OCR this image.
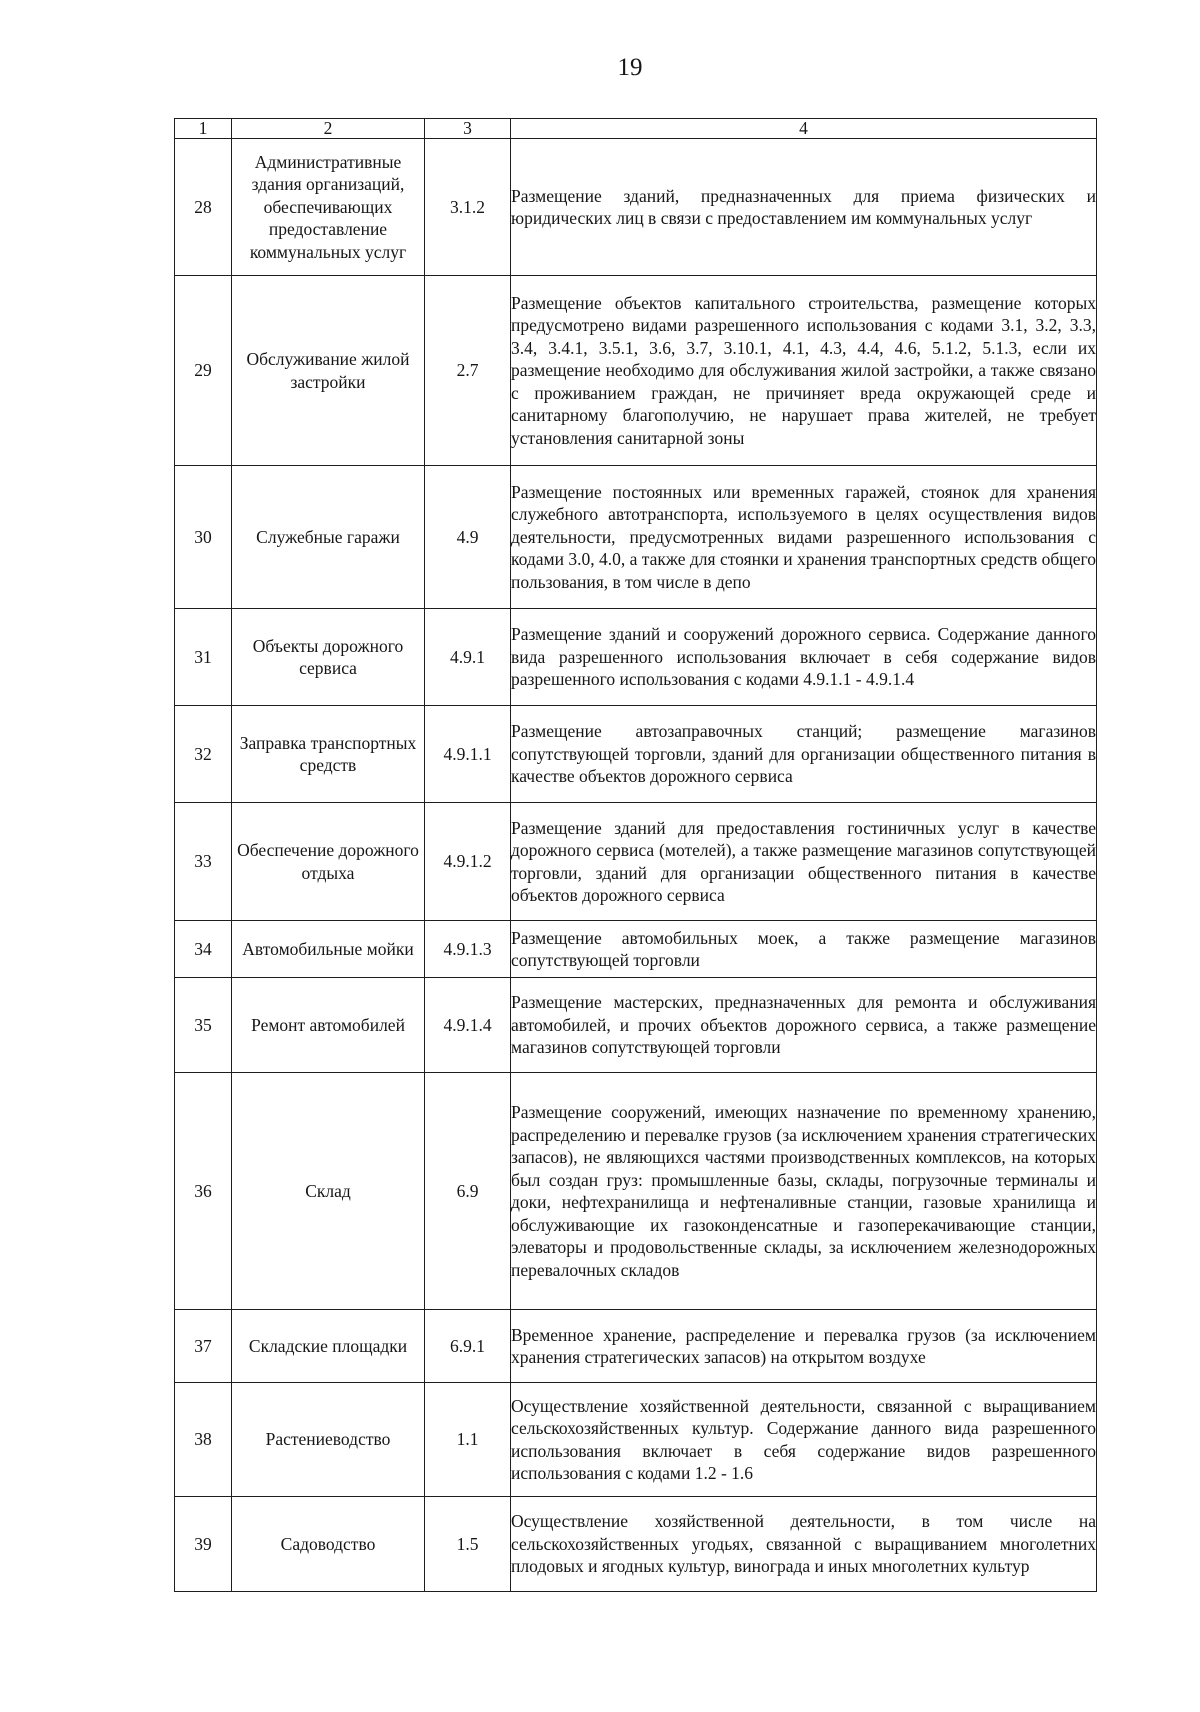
19
1	2	3	4
28	Административные здания организаций, обеспечивающих предоставление коммунальных услуг	3.1.2	Размещение зданий, предназначенных для приема физических и юридических лиц в связи с предоставлением им коммунальных услуг
29	Обслуживание жилой застройки	2.7	Размещение объектов капитального строительства, размещение которых предусмотрено видами разрешенного использования с кодами 3.1, 3.2, 3.3, 3.4, 3.4.1, 3.5.1, 3.6, 3.7, 3.10.1, 4.1, 4.3, 4.4, 4.6, 5.1.2, 5.1.3, если их размещение необходимо для обслуживания жилой застройки, а также связано с проживанием граждан, не причиняет вреда окружающей среде и санитарному благополучию, не нарушает права жителей, не требует установления санитарной зоны
30	Служебные гаражи	4.9	Размещение постоянных или временных гаражей, стоянок для хранения служебного автотранспорта, используемого в целях осуществления видов деятельности, предусмотренных видами разрешенного использования с кодами 3.0, 4.0, а также для стоянки и хранения транспортных средств общего пользования, в том числе в депо
31	Объекты дорожного сервиса	4.9.1	Размещение зданий и сооружений дорожного сервиса. Содержание данного вида разрешенного использования включает в себя содержание видов разрешенного использования с кодами 4.9.1.1 - 4.9.1.4
32	Заправка транспортных средств	4.9.1.1	Размещение автозаправочных станций; размещение магазинов сопутствующей торговли, зданий для организации общественного питания в качестве объектов дорожного сервиса
33	Обеспечение дорожного отдыха	4.9.1.2	Размещение зданий для предоставления гостиничных услуг в качестве дорожного сервиса (мотелей), а также размещение магазинов сопутствующей торговли, зданий для организации общественного питания в качестве объектов дорожного сервиса
34	Автомобильные мойки	4.9.1.3	Размещение автомобильных моек, а также размещение магазинов сопутствующей торговли
35	Ремонт автомобилей	4.9.1.4	Размещение мастерских, предназначенных для ремонта и обслуживания автомобилей, и прочих объектов дорожного сервиса, а также размещение магазинов сопутствующей торговли
36	Склад	6.9	Размещение сооружений, имеющих назначение по временному хранению, распределению и перевалке грузов (за исключением хранения стратегических запасов), не являющихся частями производственных комплексов, на которых был создан груз: промышленные базы, склады, погрузочные терминалы и доки, нефтехранилища и нефтеналивные станции, газовые хранилища и обслуживающие их газоконденсатные и газоперекачивающие станции, элеваторы и продовольственные склады, за исключением железнодорожных перевалочных складов
37	Складские площадки	6.9.1	Временное хранение, распределение и перевалка грузов (за исключением хранения стратегических запасов) на открытом воздухе
38	Растениеводство	1.1	Осуществление хозяйственной деятельности, связанной с выращиванием сельскохозяйственных культур. Содержание данного вида разрешенного использования включает в себя содержание видов разрешенного использования с кодами 1.2 - 1.6
39	Садоводство	1.5	Осуществление хозяйственной деятельности, в том числе на сельскохозяйственных угодьях, связанной с выращиванием многолетних плодовых и ягодных культур, винограда и иных многолетних культур
